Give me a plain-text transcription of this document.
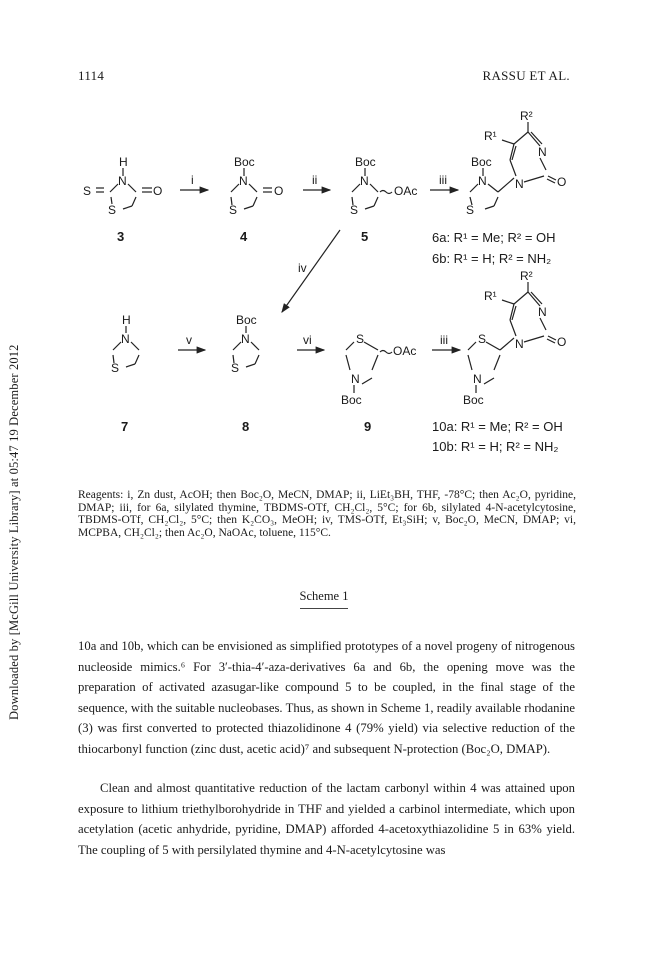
Downloaded by [McGill University Library] at 05:47 19 December 2012
1114	RASSU ET AL.
H
N
S	O
S
3
i
Boc
N
O
S
4
ii
Boc
N
OAc
S
5
iii
Boc
N
S
N
N
O
R¹
R²
6a: R¹ = Me; R² = OH
6b: R¹ = H; R² = NH₂
iv
H
N
S
7
v
Boc
N
S
8
vi	S
OAc
N
Boc
9
iii	S
N
Boc
N
N
O
R¹
R²
10a: R¹ = Me; R² = OH
10b: R¹ = H; R² = NH₂
Reagents: i, Zn dust, AcOH; then Boc₂O, MeCN, DMAP; ii, LiEt₃BH, THF, -78°C; then Ac₂O, pyridine, DMAP; iii, for 6a, silylated thymine, TBDMS-OTf, CH₂Cl₂, 5°C; for 6b, silylated 4-N-acetylcytosine, TBDMS-OTf, CH₂Cl₂, 5°C; then K₂CO₃, MeOH; iv, TMS-OTf, Et₃SiH; v, Boc₂O, MeCN, DMAP; vi, MCPBA, CH₂Cl₂; then Ac₂O, NaOAc, toluene, 115°C.
Scheme 1
10a and 10b, which can be envisioned as simplified prototypes of a novel progeny of nitrogenous nucleoside mimics.⁶ For 3′-thia-4′-aza-derivatives 6a and 6b, the opening move was the preparation of activated azasugar-like compound 5 to be coupled, in the final stage of the sequence, with the suitable nucleobases. Thus, as shown in Scheme 1, readily available rhodanine (3) was first converted to protected thiazolidinone 4 (79% yield) via selective reduction of the thiocarbonyl function (zinc dust, acetic acid)⁷ and subsequent N-protection (Boc₂O, DMAP).
Clean and almost quantitative reduction of the lactam carbonyl within 4 was attained upon exposure to lithium triethylborohydride in THF and yielded a carbinol intermediate, which upon acetylation (acetic anhydride, pyridine, DMAP) afforded 4-acetoxythiazolidine 5 in 63% yield. The coupling of 5 with persilylated thymine and 4-N-acetylcytosine was
